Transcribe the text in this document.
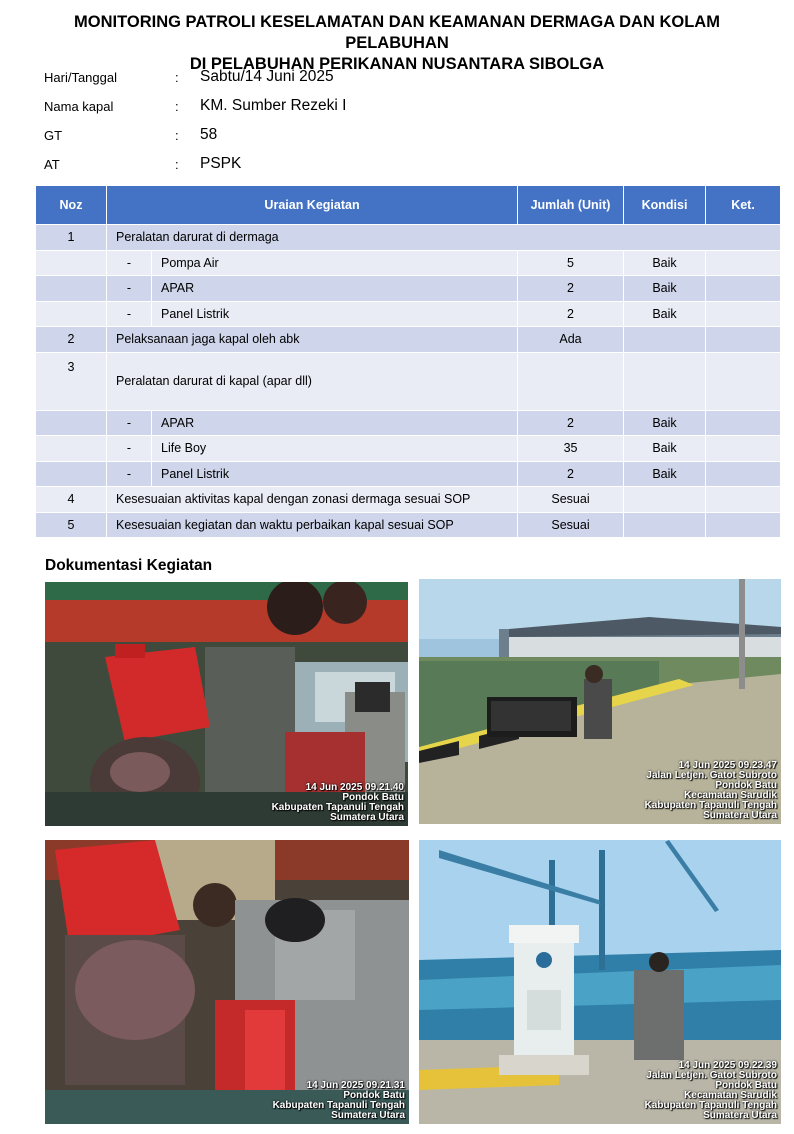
MONITORING PATROLI KESELAMATAN DAN KEAMANAN DERMAGA DAN KOLAM PELABUHAN
DI PELABUHAN PERIKANAN NUSANTARA SIBOLGA
Hari/Tanggal	: Sabtu/14 Juni 2025
Nama kapal	: KM. Sumber Rezeki I
GT	: 58
AT	: PSPK
Noz	Uraian Kegiatan		Jumlah (Unit)	Kondisi	Ket.
1	Peralatan darurat di dermaga				
	-	Pompa Air	5	Baik	
	-	APAR	2	Baik	
	-	Panel Listrik	2	Baik	
2	Pelaksanaan jaga kapal oleh abk		Ada		
3	Peralatan darurat di kapal (apar dll)				
	-	APAR	2	Baik	
	-	Life Boy	35	Baik	
	-	Panel Listrik	2	Baik	
4	Kesesuaian aktivitas kapal dengan zonasi dermaga sesuai SOP		Sesuai		
5	Kesesuaian kegiatan dan waktu perbaikan kapal sesuai SOP		Sesuai		
Dokumentasi Kegiatan
14 Jun 2025 09.21.40
Pondok Batu
Kabupaten Tapanuli Tengah
Sumatera Utara
14 Jun 2025 09.23.47
Jalan Letjen. Gatot Subroto
Pondok Batu
Kecamatan Sarudik
Kabupaten Tapanuli Tengah
Sumatera Utara
14 Jun 2025 09.21.31
Pondok Batu
Kabupaten Tapanuli Tengah
Sumatera Utara
14 Jun 2025 09.22.39
Jalan Letjen. Gatot Subroto
Pondok Batu
Kecamatan Sarudik
Kabupaten Tapanuli Tengah
Sumatera Utara
